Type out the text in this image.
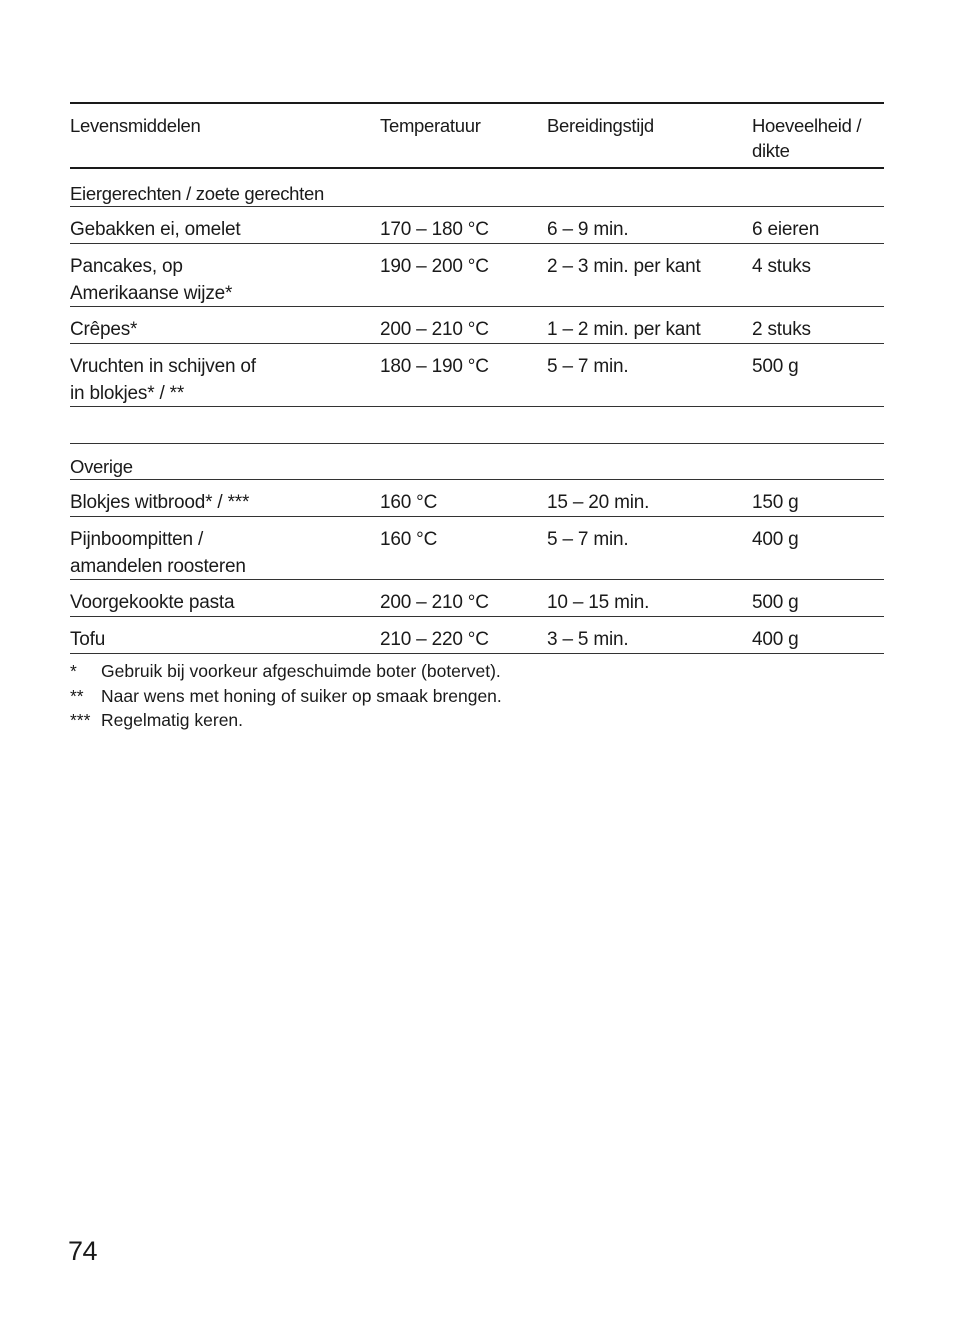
Levensmiddelen	Temperatuur	Bereidingstijd	Hoeveelheid /
dikte
Eiergerechten / zoete gerechten
Gebakken ei, omelet	170 – 180 °C	6 – 9 min.	6 eieren
Pancakes, op
Amerikaanse wijze*
190 – 200 °C	2 – 3 min. per kant	4 stuks
Crêpes*	200 – 210 °C	1 – 2 min. per kant	2 stuks
Vruchten in schijven of
in blokjes* / **
180 – 190 °C	5 – 7 min.	500 g
Overige
Blokjes witbrood* / ***	160 °C	15 – 20 min.	150 g
Pijnboompitten /
amandelen roosteren
160 °C	5 – 7 min.	400 g
Voorgekookte pasta	200 – 210 °C	10 – 15 min.	500 g
Tofu	210 – 220 °C	3 – 5 min.	400 g
*	Gebruik bij voorkeur afgeschuimde boter (botervet).
** Naar wens met honing of suiker op smaak brengen.
*** Regelmatig keren.
74
